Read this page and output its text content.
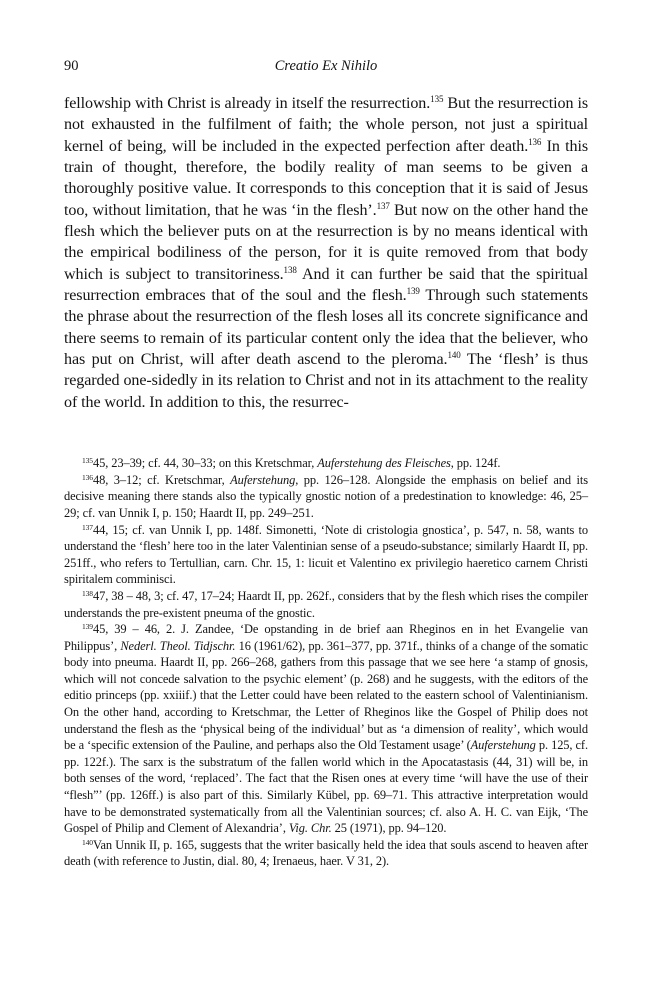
90	Creatio Ex Nihilo

fellowship with Christ is already in itself the resurrection.$^{135}$ But the resurrection is not exhausted in the fulfilment of faith; the whole person, not just a spiritual kernel of being, will be included in the expected perfection after death.$^{136}$ In this train of thought, therefore, the bodily reality of man seems to be given a thoroughly positive value. It corresponds to this conception that it is said of Jesus too, without limitation, that he was ‘in the flesh’.$^{137}$ But now on the other hand the flesh which the believer puts on at the resurrection is by no means identical with the empirical bodiliness of the person, for it is quite removed from that body which is subject to transitoriness.$^{138}$ And it can further be said that the spiritual resurrection embraces that of the soul and the flesh.$^{139}$ Through such statements the phrase about the resurrection of the flesh loses all its concrete significance and there seems to remain of its particular content only the idea that the believer, who has put on Christ, will after death ascend to the pleroma.$^{140}$ The ‘flesh’ is thus regarded one-sidedly in its relation to Christ and not in its attachment to the reality of the world. In addition to this, the resurrec-

$^{135}$45, 23–39; cf. 44, 30–33; on this Kretschmar, Auferstehung des Fleisches, pp. 124f.

$^{136}$48, 3–12; cf. Kretschmar, Auferstehung, pp. 126–128. Alongside the emphasis on belief and its decisive meaning there stands also the typically gnostic notion of a predestination to knowledge: 46, 25–29; cf. van Unnik I, p. 150; Haardt II, pp. 249–251.

$^{137}$44, 15; cf. van Unnik I, pp. 148f. Simonetti, ‘Note di cristologia gnostica’, p. 547, n. 58, wants to understand the ‘flesh’ here too in the later Valentinian sense of a pseudo-substance; similarly Haardt II, pp. 251ff., who refers to Tertullian, carn. Chr. 15, 1: licuit et Valentino ex privilegio haeretico carnem Christi spiritalem comminisci.

$^{138}$47, 38 – 48, 3; cf. 47, 17–24; Haardt II, pp. 262f., considers that by the flesh which rises the compiler understands the pre-existent pneuma of the gnostic.

$^{139}$45, 39 – 46, 2. J. Zandee, ‘De opstanding in de brief aan Rheginos en in het Evangelie van Philippus’, Nederl. Theol. Tidjschr. 16 (1961/62), pp. 361–377, pp. 371f., thinks of a change of the somatic body into pneuma. Haardt II, pp. 266–268, gathers from this passage that we see here ‘a stamp of gnosis, which will not concede salvation to the psychic element’ (p. 268) and he suggests, with the editors of the editio princeps (pp. xxiiif.) that the Letter could have been related to the eastern school of Valentinianism. On the other hand, according to Kretschmar, the Letter of Rheginos like the Gospel of Philip does not understand the flesh as the ‘physical being of the individual’ but as ‘a dimension of reality’, which would be a ‘specific extension of the Pauline, and perhaps also the Old Testament usage’ (Auferstehung p. 125, cf. pp. 122f.). The sarx is the substratum of the fallen world which in the Apocatastasis (44, 31) will be, in both senses of the word, ‘replaced’. The fact that the Risen ones at every time ‘will have the use of their “flesh”’ (pp. 126ff.) is also part of this. Similarly Kübel, pp. 69–71. This attractive interpretation would have to be demonstrated systematically from all the Valentinian sources; cf. also A. H. C. van Eijk, ‘The Gospel of Philip and Clement of Alexandria’, Vig. Chr. 25 (1971), pp. 94–120.

$^{140}$Van Unnik II, p. 165, suggests that the writer basically held the idea that souls ascend to heaven after death (with reference to Justin, dial. 80, 4; Irenaeus, haer. V 31, 2).
